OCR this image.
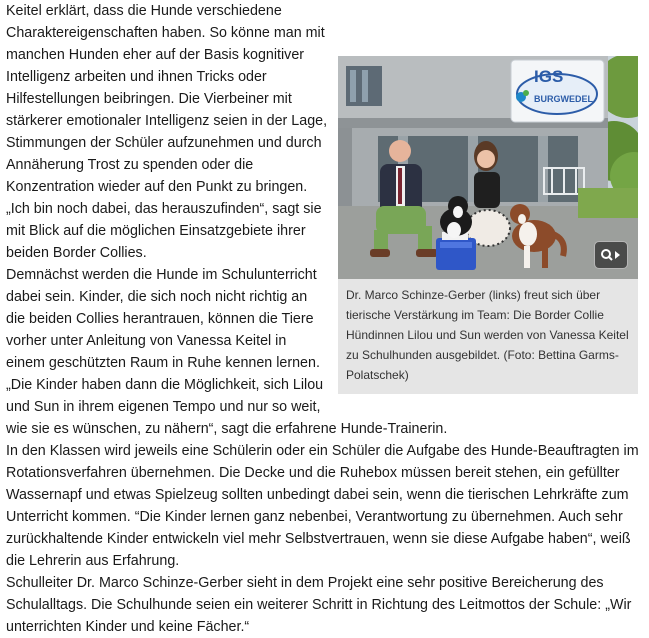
IGS
BURGWEDEL
Dr. Marco Schinze-Gerber (links) freut sich über tierische Verstärkung im Team: Die Border Collie Hündinnen Lilou und Sun werden von Vanessa Keitel zu Schulhunden ausgebildet. (Foto: Bettina Garms-Polatschek)

Keitel erklärt, dass die Hunde verschiedene Charaktereigenschaften haben. So könne man mit manchen Hunden eher auf der Basis kognitiver Intelligenz arbeiten und ihnen Tricks oder Hilfestellungen beibringen. Die Vierbeiner mit stärkerer emotionaler Intelligenz seien in der Lage, Stimmungen der Schüler aufzunehmen und durch Annäherung Trost zu spenden oder die Konzentration wieder auf den Punkt zu bringen. „Ich bin noch dabei, das herauszufinden“, sagt sie mit Blick auf die möglichen Einsatzgebiete ihrer beiden Border Collies.

Demnächst werden die Hunde im Schulunterricht dabei sein. Kinder, die sich noch nicht richtig an die beiden Collies herantrauen, können die Tiere vorher unter Anleitung von Vanessa Keitel in einem geschützten Raum in Ruhe kennen lernen. „Die Kinder haben dann die Möglichkeit, sich Lilou und Sun in ihrem eigenen Tempo und nur so weit, wie sie es wünschen, zu nähern“, sagt die erfahrene Hunde-Trainerin.

In den Klassen wird jeweils eine Schülerin oder ein Schüler die Aufgabe des Hunde-Beauftragten im Rotationsverfahren übernehmen. Die Decke und die Ruhebox müssen bereit stehen, ein gefüllter Wassernapf und etwas Spielzeug sollten unbedingt dabei sein, wenn die tierischen Lehrkräfte zum Unterricht kommen. “Die Kinder lernen ganz nebenbei, Verantwortung zu übernehmen. Auch sehr zurückhaltende Kinder entwickeln viel mehr Selbstvertrauen, wenn sie diese Aufgabe haben“, weiß die Lehrerin aus Erfahrung.

Schulleiter Dr. Marco Schinze-Gerber sieht in dem Projekt eine sehr positive Bereicherung des Schulalltags. Die Schulhunde seien ein weiterer Schritt in Richtung des Leitmottos der Schule: „Wir unterrichten Kinder und keine Fächer.“
